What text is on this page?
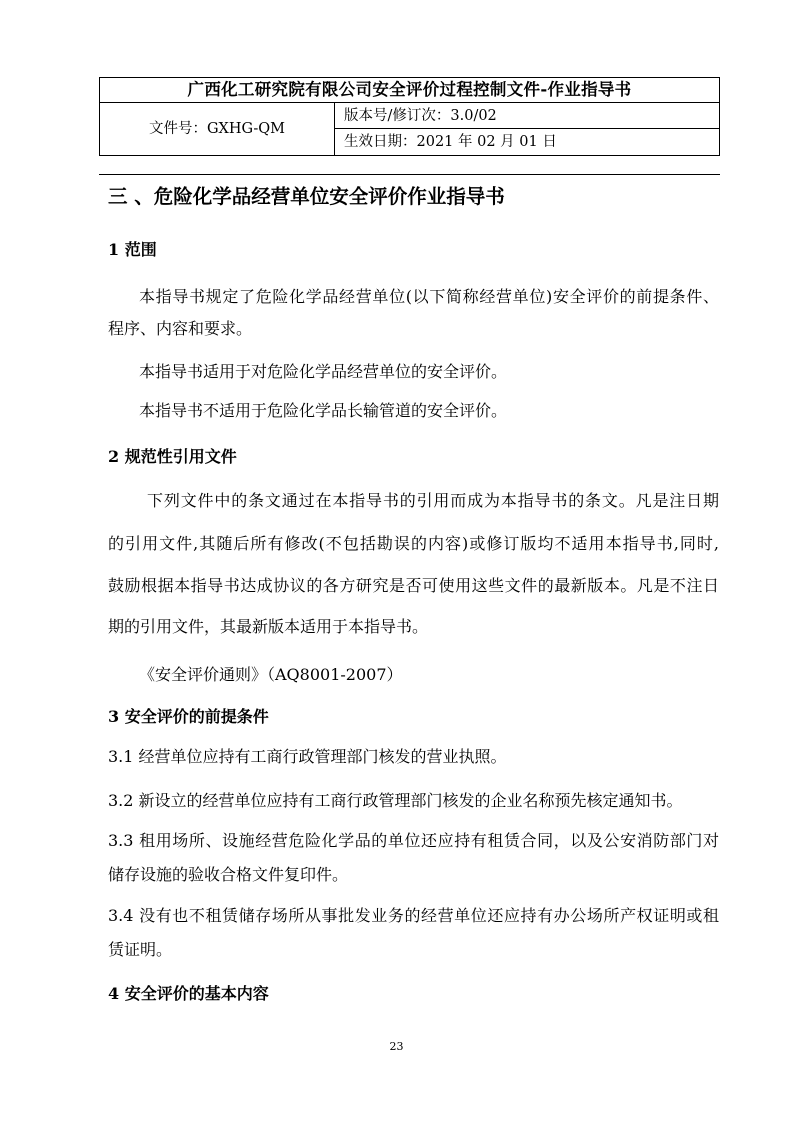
广西化工研究院有限公司安全评价过程控制文件-作业指导书
文件号：GXHG-QM
版本号/修订次：3.0/02
生效日期：2021 年 02 月 01 日
三 、危险化学品经营单位安全评价作业指导书
1 范围
本指导书规定了危险化学品经营单位(以下简称经营单位)安全评价的前提条件、
程序、内容和要求。
本指导书适用于对危险化学品经营单位的安全评价。
本指导书不适用于危险化学品长输管道的安全评价。
2 规范性引用文件
下列文件中的条文通过在本指导书的引用而成为本指导书的条文。凡是注日期
的引用文件,其随后所有修改(不包括勘误的内容)或修订版均不适用本指导书,同时,
鼓励根据本指导书达成协议的各方研究是否可使用这些文件的最新版本。凡是不注日
期的引用文件，其最新版本适用于本指导书。
《安全评价通则》（AQ8001-2007）
3 安全评价的前提条件
3.1 经营单位应持有工商行政管理部门核发的营业执照。
3.2 新设立的经营单位应持有工商行政管理部门核发的企业名称预先核定通知书。
3.3 租用场所、设施经营危险化学品的单位还应持有租赁合同，以及公安消防部门对
储存设施的验收合格文件复印件。
3.4 没有也不租赁储存场所从事批发业务的经营单位还应持有办公场所产权证明或租
赁证明。
4 安全评价的基本内容
23
